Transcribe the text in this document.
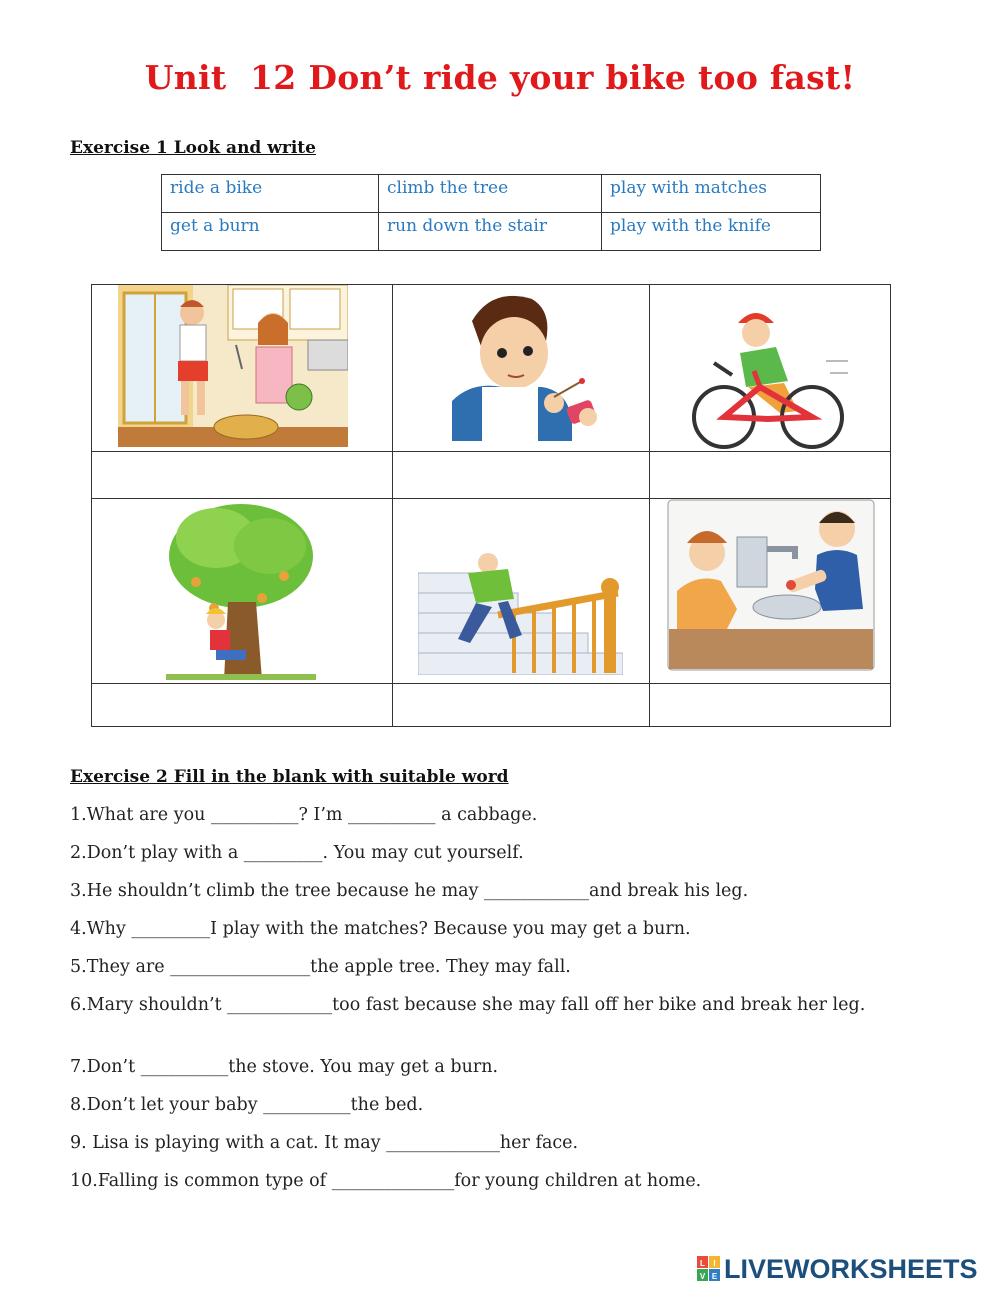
Unit  12 Don’t ride your bike too fast!
Exercise 1 Look and write
ride a bike	climb the tree	play with matches
get a burn	run down the stair	play with the knife
Exercise 2 Fill in the blank with suitable word
1.What are you __________? I’m __________ a cabbage.
2.Don’t play with a _________. You may cut yourself.
3.He shouldn’t climb the tree because he may ____________and break his leg.
4.Why _________I play with the matches? Because you may get a burn.
5.They are ________________the apple tree. They may fall.
6.Mary shouldn’t ____________too fast because she may fall off her bike and break her leg.
7.Don’t __________the stove. You may get a burn.
8.Don’t let your baby __________the bed.
9. Lisa is playing with a cat. It may _____________her face.
10.Falling is common type of ______________for young children at home.
L I
V E LIVEWORKSHEETS
